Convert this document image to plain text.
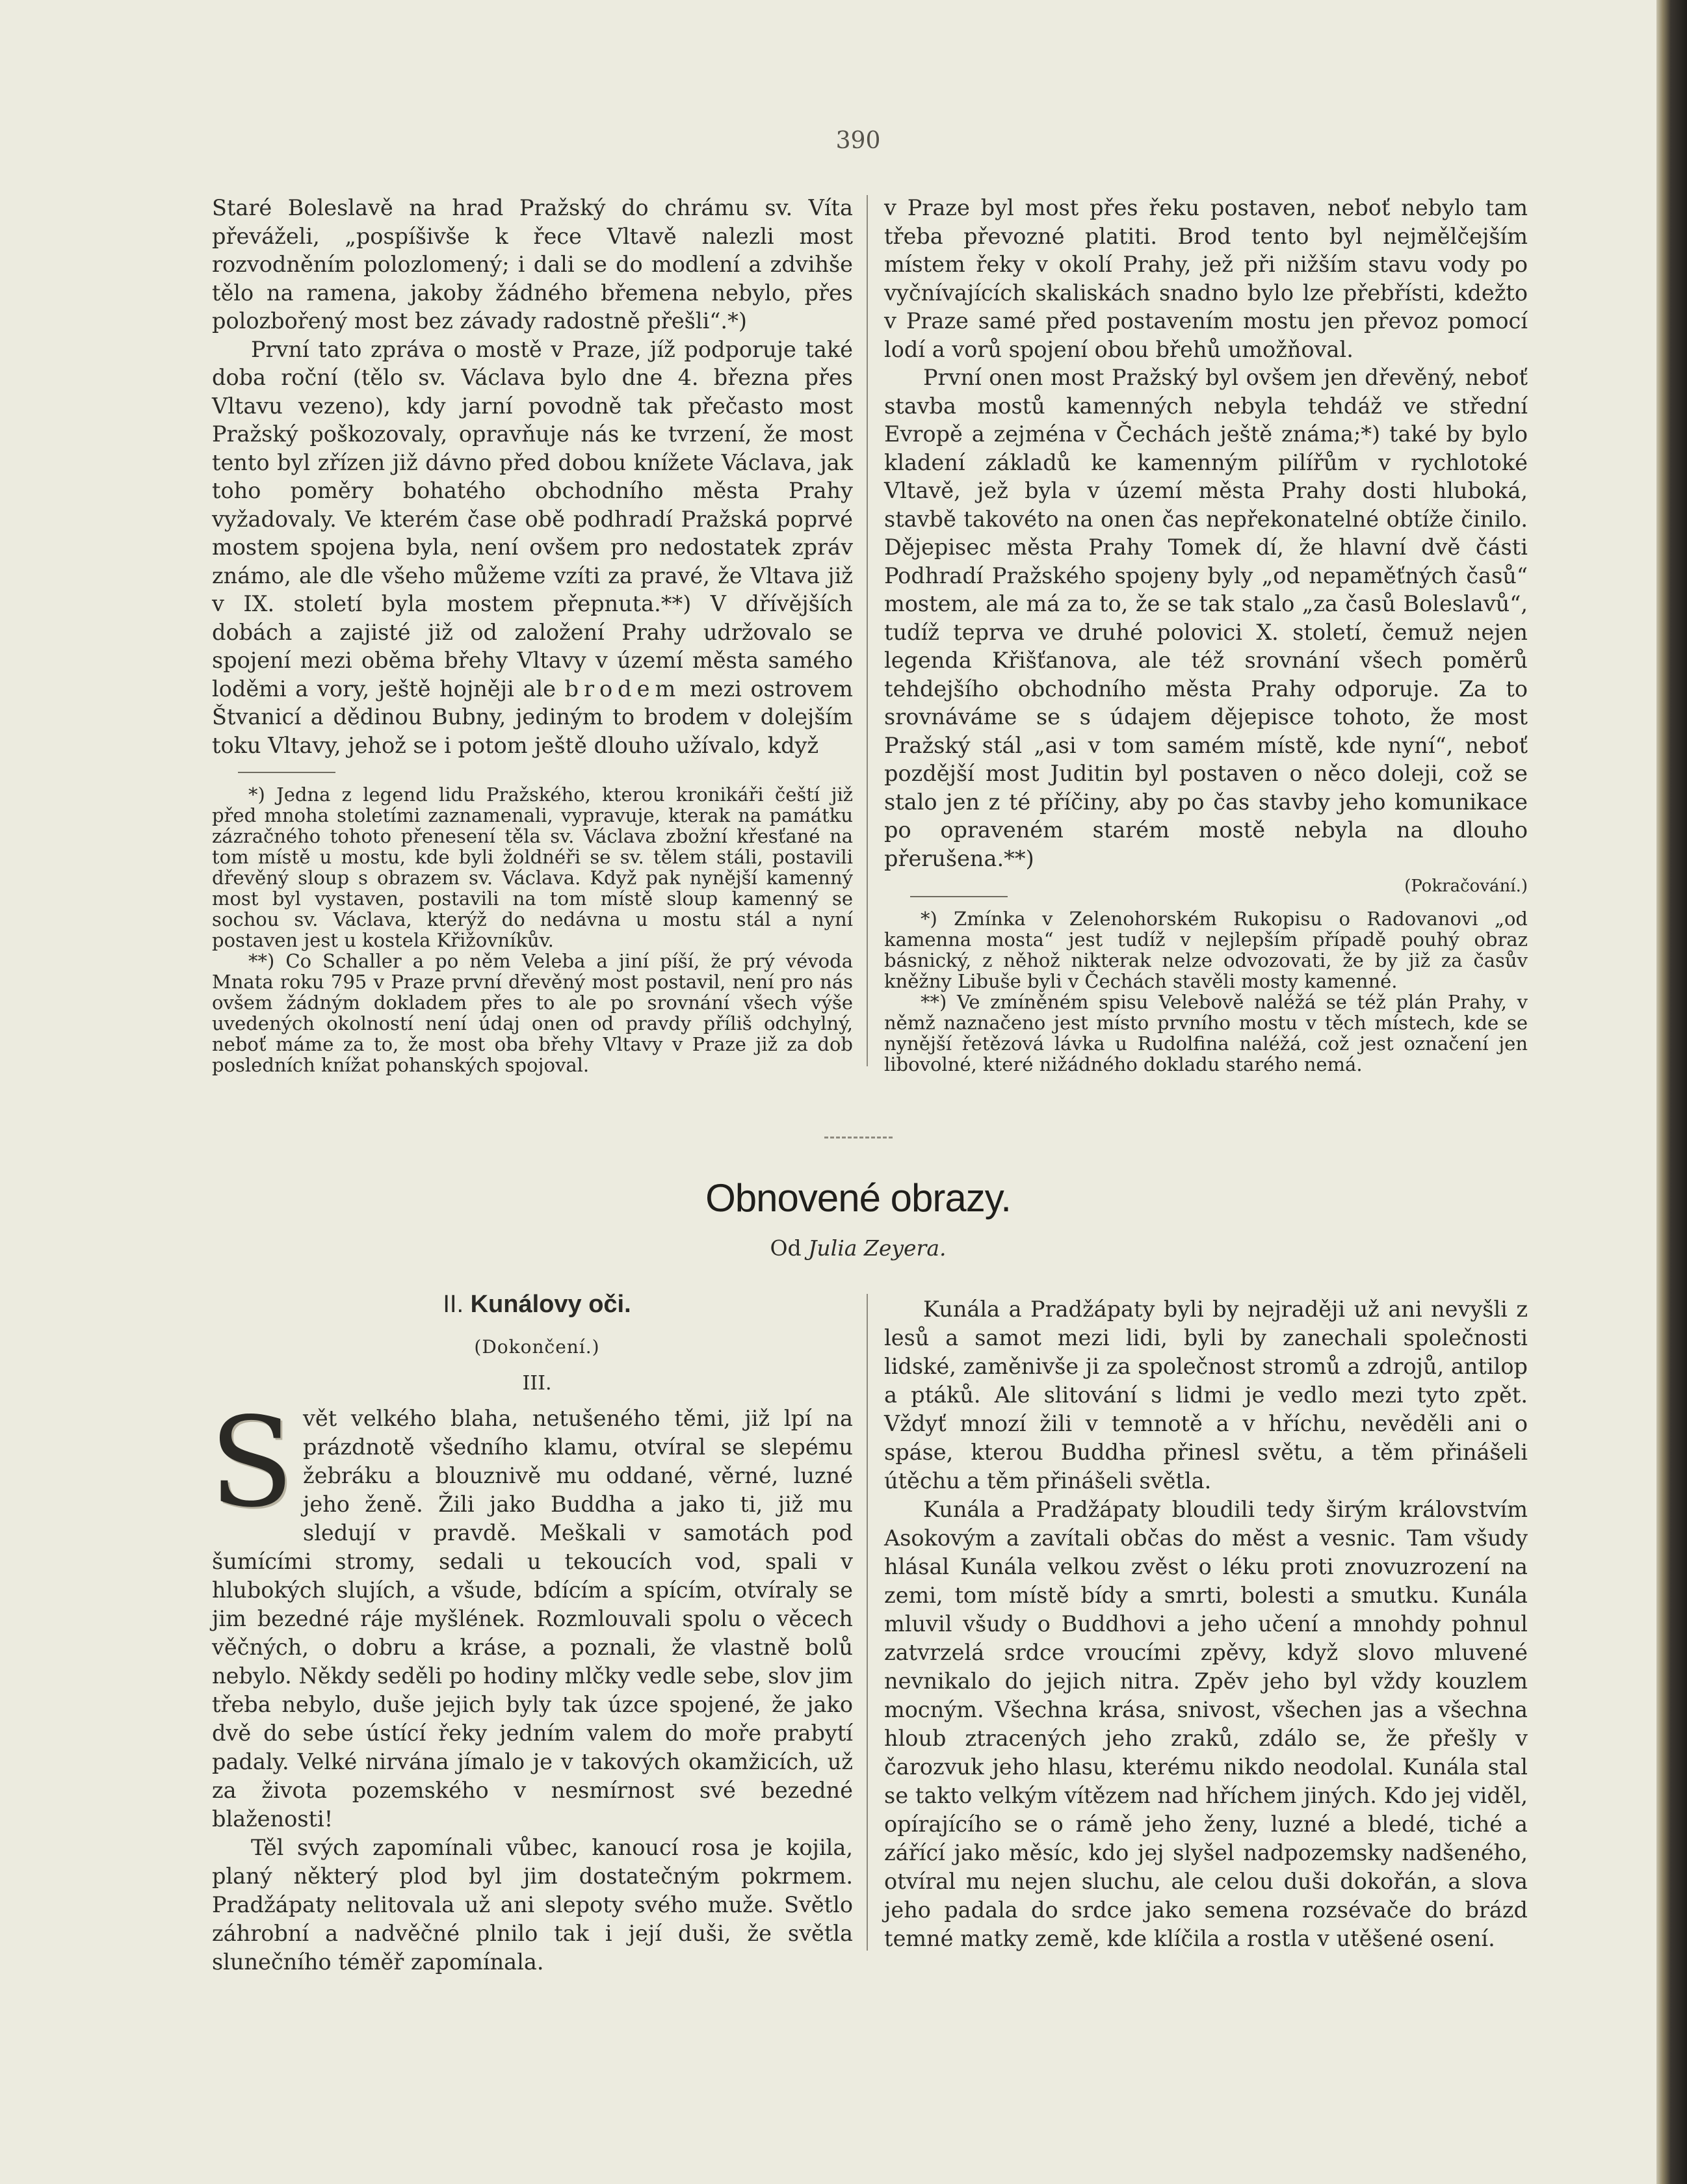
390

Staré Boleslavě na hrad Pražský do chrámu sv. Víta převáželi, „pospíšivše k řece Vltavě nalezli most rozvodněním polozlomený; i dali se do modlení a zdvihše tělo na ramena, jakoby žádného břemena nebylo, přes polozbořený most bez závady radostně přešli“.*)

První tato zpráva o mostě v Praze, jíž podporuje také doba roční (tělo sv. Václava bylo dne 4. března přes Vltavu vezeno), kdy jarní povodně tak přečasto most Pražský poškozovaly, opravňuje nás ke tvrzení, že most tento byl zřízen již dávno před dobou knížete Václava, jak toho poměry bohatého obchodního města Prahy vyžadovaly. Ve kterém čase obě podhradí Pražská poprvé mostem spojena byla, není ovšem pro nedostatek zpráv známo, ale dle všeho můžeme vzíti za pravé, že Vltava již v IX. století byla mostem přepnuta.**) V dřívějších dobách a zajisté již od založení Prahy udržovalo se spojení mezi oběma břehy Vltavy v území města samého loděmi a vory, ještě hojněji ale brodem mezi ostrovem Štvanicí a dědinou Bubny, jediným to brodem v dolejším toku Vltavy, jehož se i potom ještě dlouho užívalo, když

*) Jedna z legend lidu Pražského, kterou kronikáři čeští již před mnoha stoletími zaznamenali, vypravuje, kterak na památku zázračného tohoto přenesení těla sv. Václava zbožní křesťané na tom místě u mostu, kde byli žoldnéři se sv. tělem stáli, postavili dřevěný sloup s obrazem sv. Václava. Když pak nynější kamenný most byl vystaven, postavili na tom místě sloup kamenný se sochou sv. Václava, kterýž do nedávna u mostu stál a nyní postaven jest u kostela Křižovníkův.

**) Co Schaller a po něm Veleba a jiní píší, že prý vévoda Mnata roku 795 v Praze první dřevěný most postavil, není pro nás ovšem žádným dokladem přes to ale po srovnání všech výše uvedených okolností není údaj onen od pravdy příliš odchylný, neboť máme za to, že most oba břehy Vltavy v Praze již za dob posledních knížat pohanských spojoval.

v Praze byl most přes řeku postaven, neboť nebylo tam třeba převozné platiti. Brod tento byl nejmělčejším místem řeky v okolí Prahy, jež při nižším stavu vody po vyčnívajících skaliskách snadno bylo lze přebřísti, kdežto v Praze samé před postavením mostu jen převoz pomocí lodí a vorů spojení obou břehů umožňoval.

První onen most Pražský byl ovšem jen dřevěný, neboť stavba mostů kamenných nebyla tehdáž ve střední Evropě a zejména v Čechách ještě známa;*) také by bylo kladení základů ke kamenným pilířům v rychlotoké Vltavě, jež byla v území města Prahy dosti hluboká, stavbě takovéto na onen čas nepřekonatelné obtíže činilo. Dějepisec města Prahy Tomek dí, že hlavní dvě části Podhradí Pražského spojeny byly „od nepaměťných časů“ mostem, ale má za to, že se tak stalo „za časů Boleslavů“, tudíž teprva ve druhé polovici X. století, čemuž nejen legenda Křišťanova, ale též srovnání všech poměrů tehdejšího obchodního města Prahy odporuje. Za to srovnáváme se s údajem dějepisce tohoto, že most Pražský stál „asi v tom samém místě, kde nyní“, neboť pozdější most Juditin byl postaven o něco doleji, což se stalo jen z té příčiny, aby po čas stavby jeho komunikace po opraveném starém mostě nebyla na dlouho přerušena.**)

(Pokračování.)

*) Zmínka v Zelenohorském Rukopisu o Radovanovi „od kamenna mosta“ jest tudíž v nejlepším případě pouhý obraz básnický, z něhož nikterak nelze odvozovati, že by již za časův kněžny Libuše byli v Čechách stavěli mosty kamenné.

**) Ve zmíněném spisu Velebově naléžá se též plán Prahy, v němž naznačeno jest místo prvního mostu v těch místech, kde se nynější řetězová lávka u Rudolfina naléžá, což jest označení jen libovolné, které nižádného dokladu starého nemá.

Obnovené obrazy.
Od Julia Zeyera.
II. Kunálovy oči.
(Dokončení.)
III.

Svět velkého blaha, netušeného těmi, již lpí na prázdnotě všedního klamu, otvíral se slepému žebráku a blouznivě mu oddané, věrné, luzné jeho ženě. Žili jako Buddha a jako ti, již mu sledují v pravdě. Meškali v samotách pod šumícími stromy, sedali u tekoucích vod, spali v hlubokých slujích, a všude, bdícím a spícím, otvíraly se jim bezedné ráje myšlének. Rozmlouvali spolu o věcech věčných, o dobru a kráse, a poznali, že vlastně bolů nebylo. Někdy seděli po hodiny mlčky vedle sebe, slov jim třeba nebylo, duše jejich byly tak úzce spojené, že jako dvě do sebe ústící řeky jedním valem do moře prabytí padaly. Velké nirvána jímalo je v takových okamžicích, už za života pozemského v nesmírnost své bezedné blaženosti!

Těl svých zapomínali vůbec, kanoucí rosa je kojila, planý některý plod byl jim dostatečným pokrmem. Pradžápaty nelitovala už ani slepoty svého muže. Světlo záhrobní a nadvěčné plnilo tak i její duši, že světla slunečního téměř zapomínala.

Kunála a Pradžápaty byli by nejraději už ani nevyšli z lesů a samot mezi lidi, byli by zanechali společnosti lidské, zaměnivše ji za společnost stromů a zdrojů, antilop a ptáků. Ale slitování s lidmi je vedlo mezi tyto zpět. Vždyť mnozí žili v temnotě a v hříchu, nevěděli ani o spáse, kterou Buddha přinesl světu, a těm přinášeli útěchu a těm přinášeli světla.

Kunála a Pradžápaty bloudili tedy širým královstvím Asokovým a zavítali občas do měst a vesnic. Tam všudy hlásal Kunála velkou zvěst o léku proti znovuzrození na zemi, tom místě bídy a smrti, bolesti a smutku. Kunála mluvil všudy o Buddhovi a jeho učení a mnohdy pohnul zatvrzelá srdce vroucími zpěvy, když slovo mluvené nevnikalo do jejich nitra. Zpěv jeho byl vždy kouzlem mocným. Všechna krása, snivost, všechen jas a všechna hloub ztracených jeho zraků, zdálo se, že přešly v čarozvuk jeho hlasu, kterému nikdo neodolal. Kunála stal se takto velkým vítězem nad hříchem jiných. Kdo jej viděl, opírajícího se o rámě jeho ženy, luzné a bledé, tiché a zářící jako měsíc, kdo jej slyšel nadpozemsky nadšeného, otvíral mu nejen sluchu, ale celou duši dokořán, a slova jeho padala do srdce jako semena rozsévače do brázd temné matky země, kde klíčila a rostla v utěšené osení.
